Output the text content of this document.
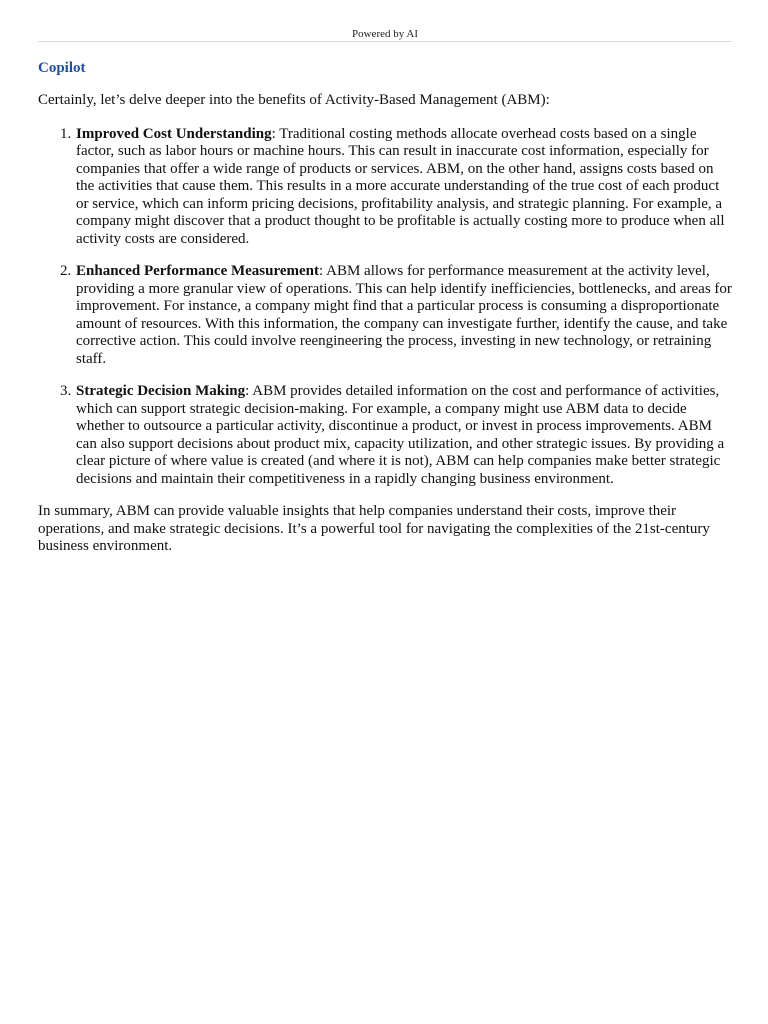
Powered by AI
Copilot
Certainly, let’s delve deeper into the benefits of Activity-Based Management (ABM):
1. Improved Cost Understanding: Traditional costing methods allocate overhead costs based on a single factor, such as labor hours or machine hours. This can result in inaccurate cost information, especially for companies that offer a wide range of products or services. ABM, on the other hand, assigns costs based on the activities that cause them. This results in a more accurate understanding of the true cost of each product or service, which can inform pricing decisions, profitability analysis, and strategic planning. For example, a company might discover that a product thought to be profitable is actually costing more to produce when all activity costs are considered.
2. Enhanced Performance Measurement: ABM allows for performance measurement at the activity level, providing a more granular view of operations. This can help identify inefficiencies, bottlenecks, and areas for improvement. For instance, a company might find that a particular process is consuming a disproportionate amount of resources. With this information, the company can investigate further, identify the cause, and take corrective action. This could involve reengineering the process, investing in new technology, or retraining staff.
3. Strategic Decision Making: ABM provides detailed information on the cost and performance of activities, which can support strategic decision-making. For example, a company might use ABM data to decide whether to outsource a particular activity, discontinue a product, or invest in process improvements. ABM can also support decisions about product mix, capacity utilization, and other strategic issues. By providing a clear picture of where value is created (and where it is not), ABM can help companies make better strategic decisions and maintain their competitiveness in a rapidly changing business environment.
In summary, ABM can provide valuable insights that help companies understand their costs, improve their operations, and make strategic decisions. It’s a powerful tool for navigating the complexities of the 21st-century business environment.
